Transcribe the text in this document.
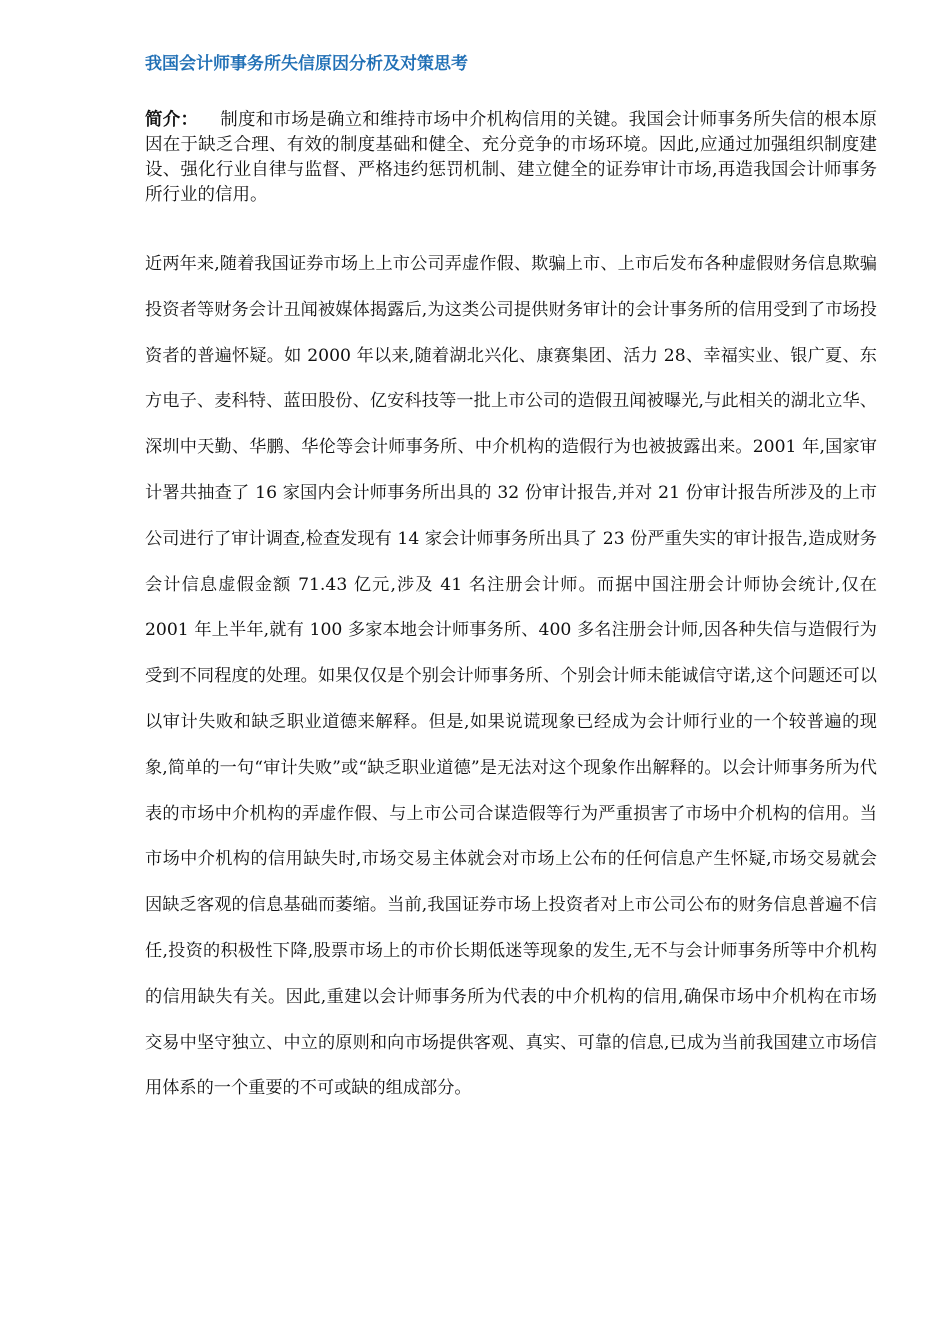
我国会计师事务所失信原因分析及对策思考
简介： 制度和市场是确立和维持市场中介机构信用的关键。我国会计师事务所失信的根本原因在于缺乏合理、有效的制度基础和健全、充分竞争的市场环境。因此,应通过加强组织制度建设、强化行业自律与监督、严格违约惩罚机制、建立健全的证券审计市场,再造我国会计师事务所行业的信用。
近两年来,随着我国证券市场上上市公司弄虚作假、欺骗上市、上市后发布各种虚假财务信息欺骗投资者等财务会计丑闻被媒体揭露后,为这类公司提供财务审计的会计事务所的信用受到了市场投资者的普遍怀疑。如 2000 年以来,随着湖北兴化、康赛集团、活力 28、幸福实业、银广夏、东方电子、麦科特、蓝田股份、亿安科技等一批上市公司的造假丑闻被曝光,与此相关的湖北立华、深圳中天勤、华鹏、华伦等会计师事务所、中介机构的造假行为也被披露出来。2001 年,国家审计署共抽查了 16 家国内会计师事务所出具的 32 份审计报告,并对 21 份审计报告所涉及的上市公司进行了审计调查,检查发现有 14 家会计师事务所出具了 23 份严重失实的审计报告,造成财务会计信息虚假金额 71.43 亿元,涉及 41 名注册会计师。而据中国注册会计师协会统计,仅在 2001 年上半年,就有 100 多家本地会计师事务所、400 多名注册会计师,因各种失信与造假行为受到不同程度的处理。如果仅仅是个别会计师事务所、个别会计师未能诚信守诺,这个问题还可以以审计失败和缺乏职业道德来解释。但是,如果说谎现象已经成为会计师行业的一个较普遍的现象,简单的一句“审计失败”或“缺乏职业道德”是无法对这个现象作出解释的。以会计师事务所为代表的市场中介机构的弄虚作假、与上市公司合谋造假等行为严重损害了市场中介机构的信用。当市场中介机构的信用缺失时,市场交易主体就会对市场上公布的任何信息产生怀疑,市场交易就会因缺乏客观的信息基础而萎缩。当前,我国证券市场上投资者对上市公司公布的财务信息普遍不信任,投资的积极性下降,股票市场上的市价长期低迷等现象的发生,无不与会计师事务所等中介机构的信用缺失有关。因此,重建以会计师事务所为代表的中介机构的信用,确保市场中介机构在市场交易中坚守独立、中立的原则和向市场提供客观、真实、可靠的信息,已成为当前我国建立市场信用体系的一个重要的不可或缺的组成部分。
